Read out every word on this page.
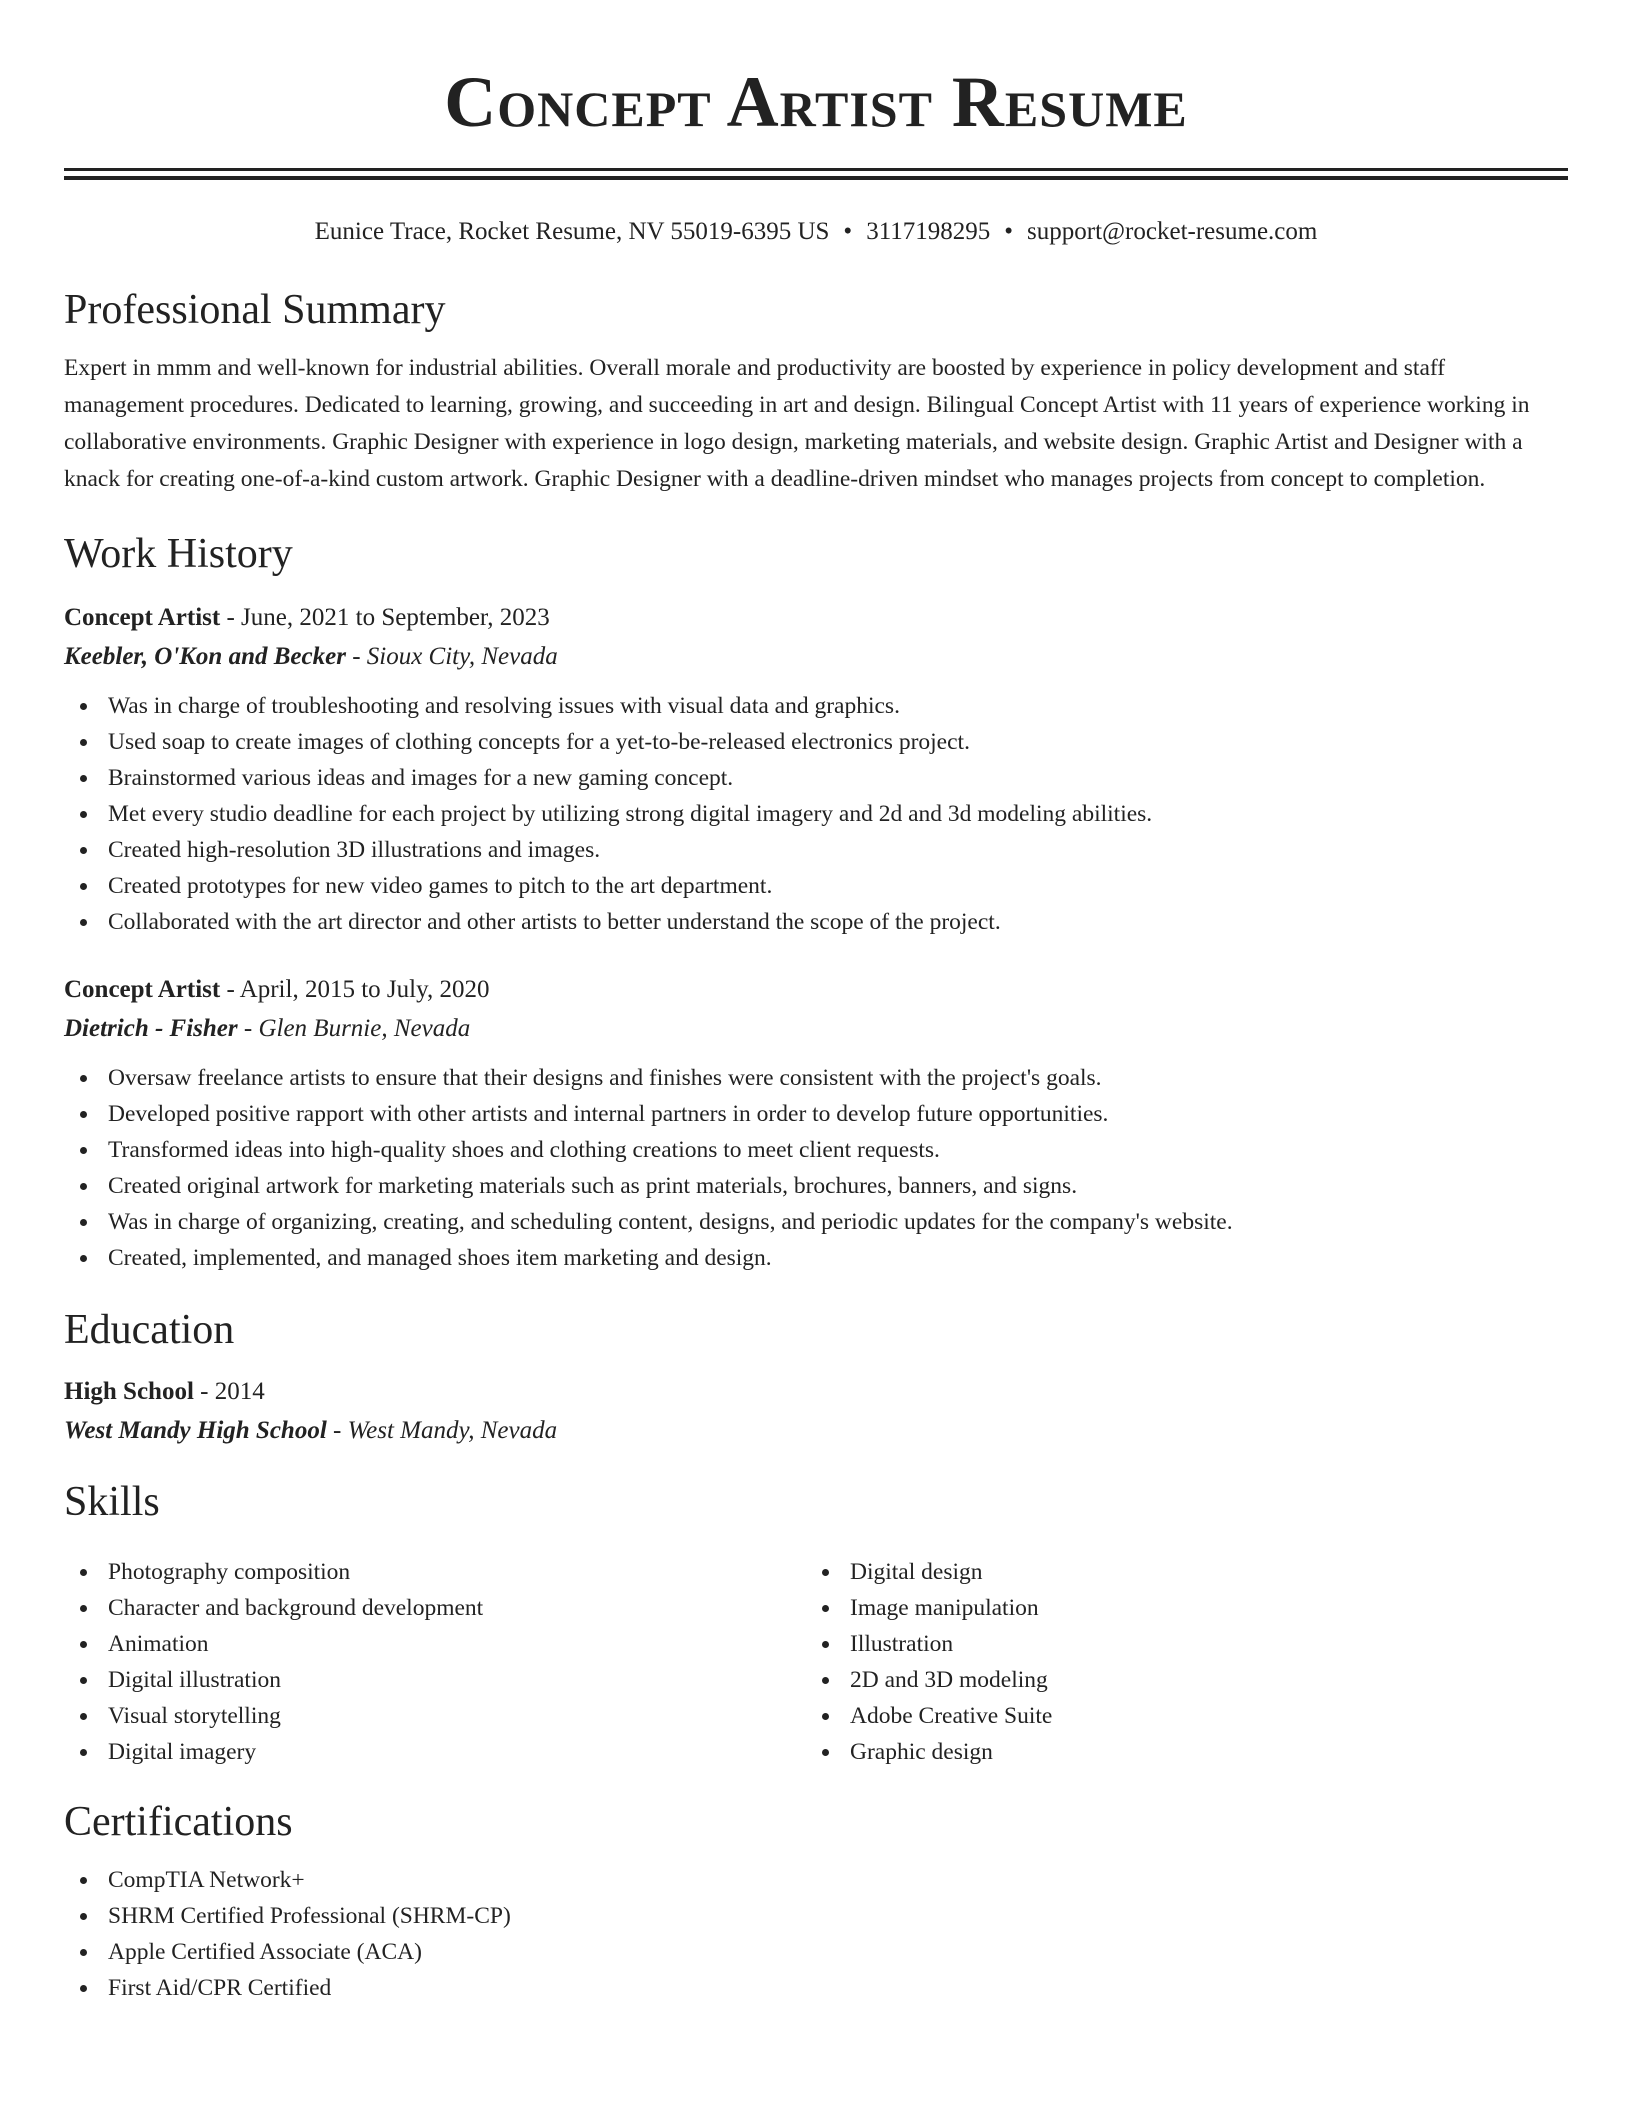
Concept Artist Resume
Eunice Trace, Rocket Resume, NV 55019-6395 US • 3117198295 • support@rocket-resume.com
Professional Summary

Expert in mmm and well-known for industrial abilities. Overall morale and productivity are boosted by experience in policy development and staff management procedures. Dedicated to learning, growing, and succeeding in art and design. Bilingual Concept Artist with 11 years of experience working in collaborative environments. Graphic Designer with experience in logo design, marketing materials, and website design. Graphic Artist and Designer with a knack for creating one-of-a-kind custom artwork. Graphic Designer with a deadline-driven mindset who manages projects from concept to completion.

Work History
Concept Artist - June, 2021 to September, 2023
Keebler, O'Kon and Becker - Sioux City, Nevada
Was in charge of troubleshooting and resolving issues with visual data and graphics.
Used soap to create images of clothing concepts for a yet-to-be-released electronics project.
Brainstormed various ideas and images for a new gaming concept.
Met every studio deadline for each project by utilizing strong digital imagery and 2d and 3d modeling abilities.
Created high-resolution 3D illustrations and images.
Created prototypes for new video games to pitch to the art department.
Collaborated with the art director and other artists to better understand the scope of the project.
Concept Artist - April, 2015 to July, 2020
Dietrich - Fisher - Glen Burnie, Nevada
Oversaw freelance artists to ensure that their designs and finishes were consistent with the project's goals.
Developed positive rapport with other artists and internal partners in order to develop future opportunities.
Transformed ideas into high-quality shoes and clothing creations to meet client requests.
Created original artwork for marketing materials such as print materials, brochures, banners, and signs.
Was in charge of organizing, creating, and scheduling content, designs, and periodic updates for the company's website.
Created, implemented, and managed shoes item marketing and design.
Education
High School - 2014
West Mandy High School - West Mandy, Nevada
Skills
Photography composition
Character and background development
Animation
Digital illustration
Visual storytelling
Digital imagery
Digital design
Image manipulation
Illustration
2D and 3D modeling
Adobe Creative Suite
Graphic design
Certifications
CompTIA Network+
SHRM Certified Professional (SHRM-CP)
Apple Certified Associate (ACA)
First Aid/CPR Certified
